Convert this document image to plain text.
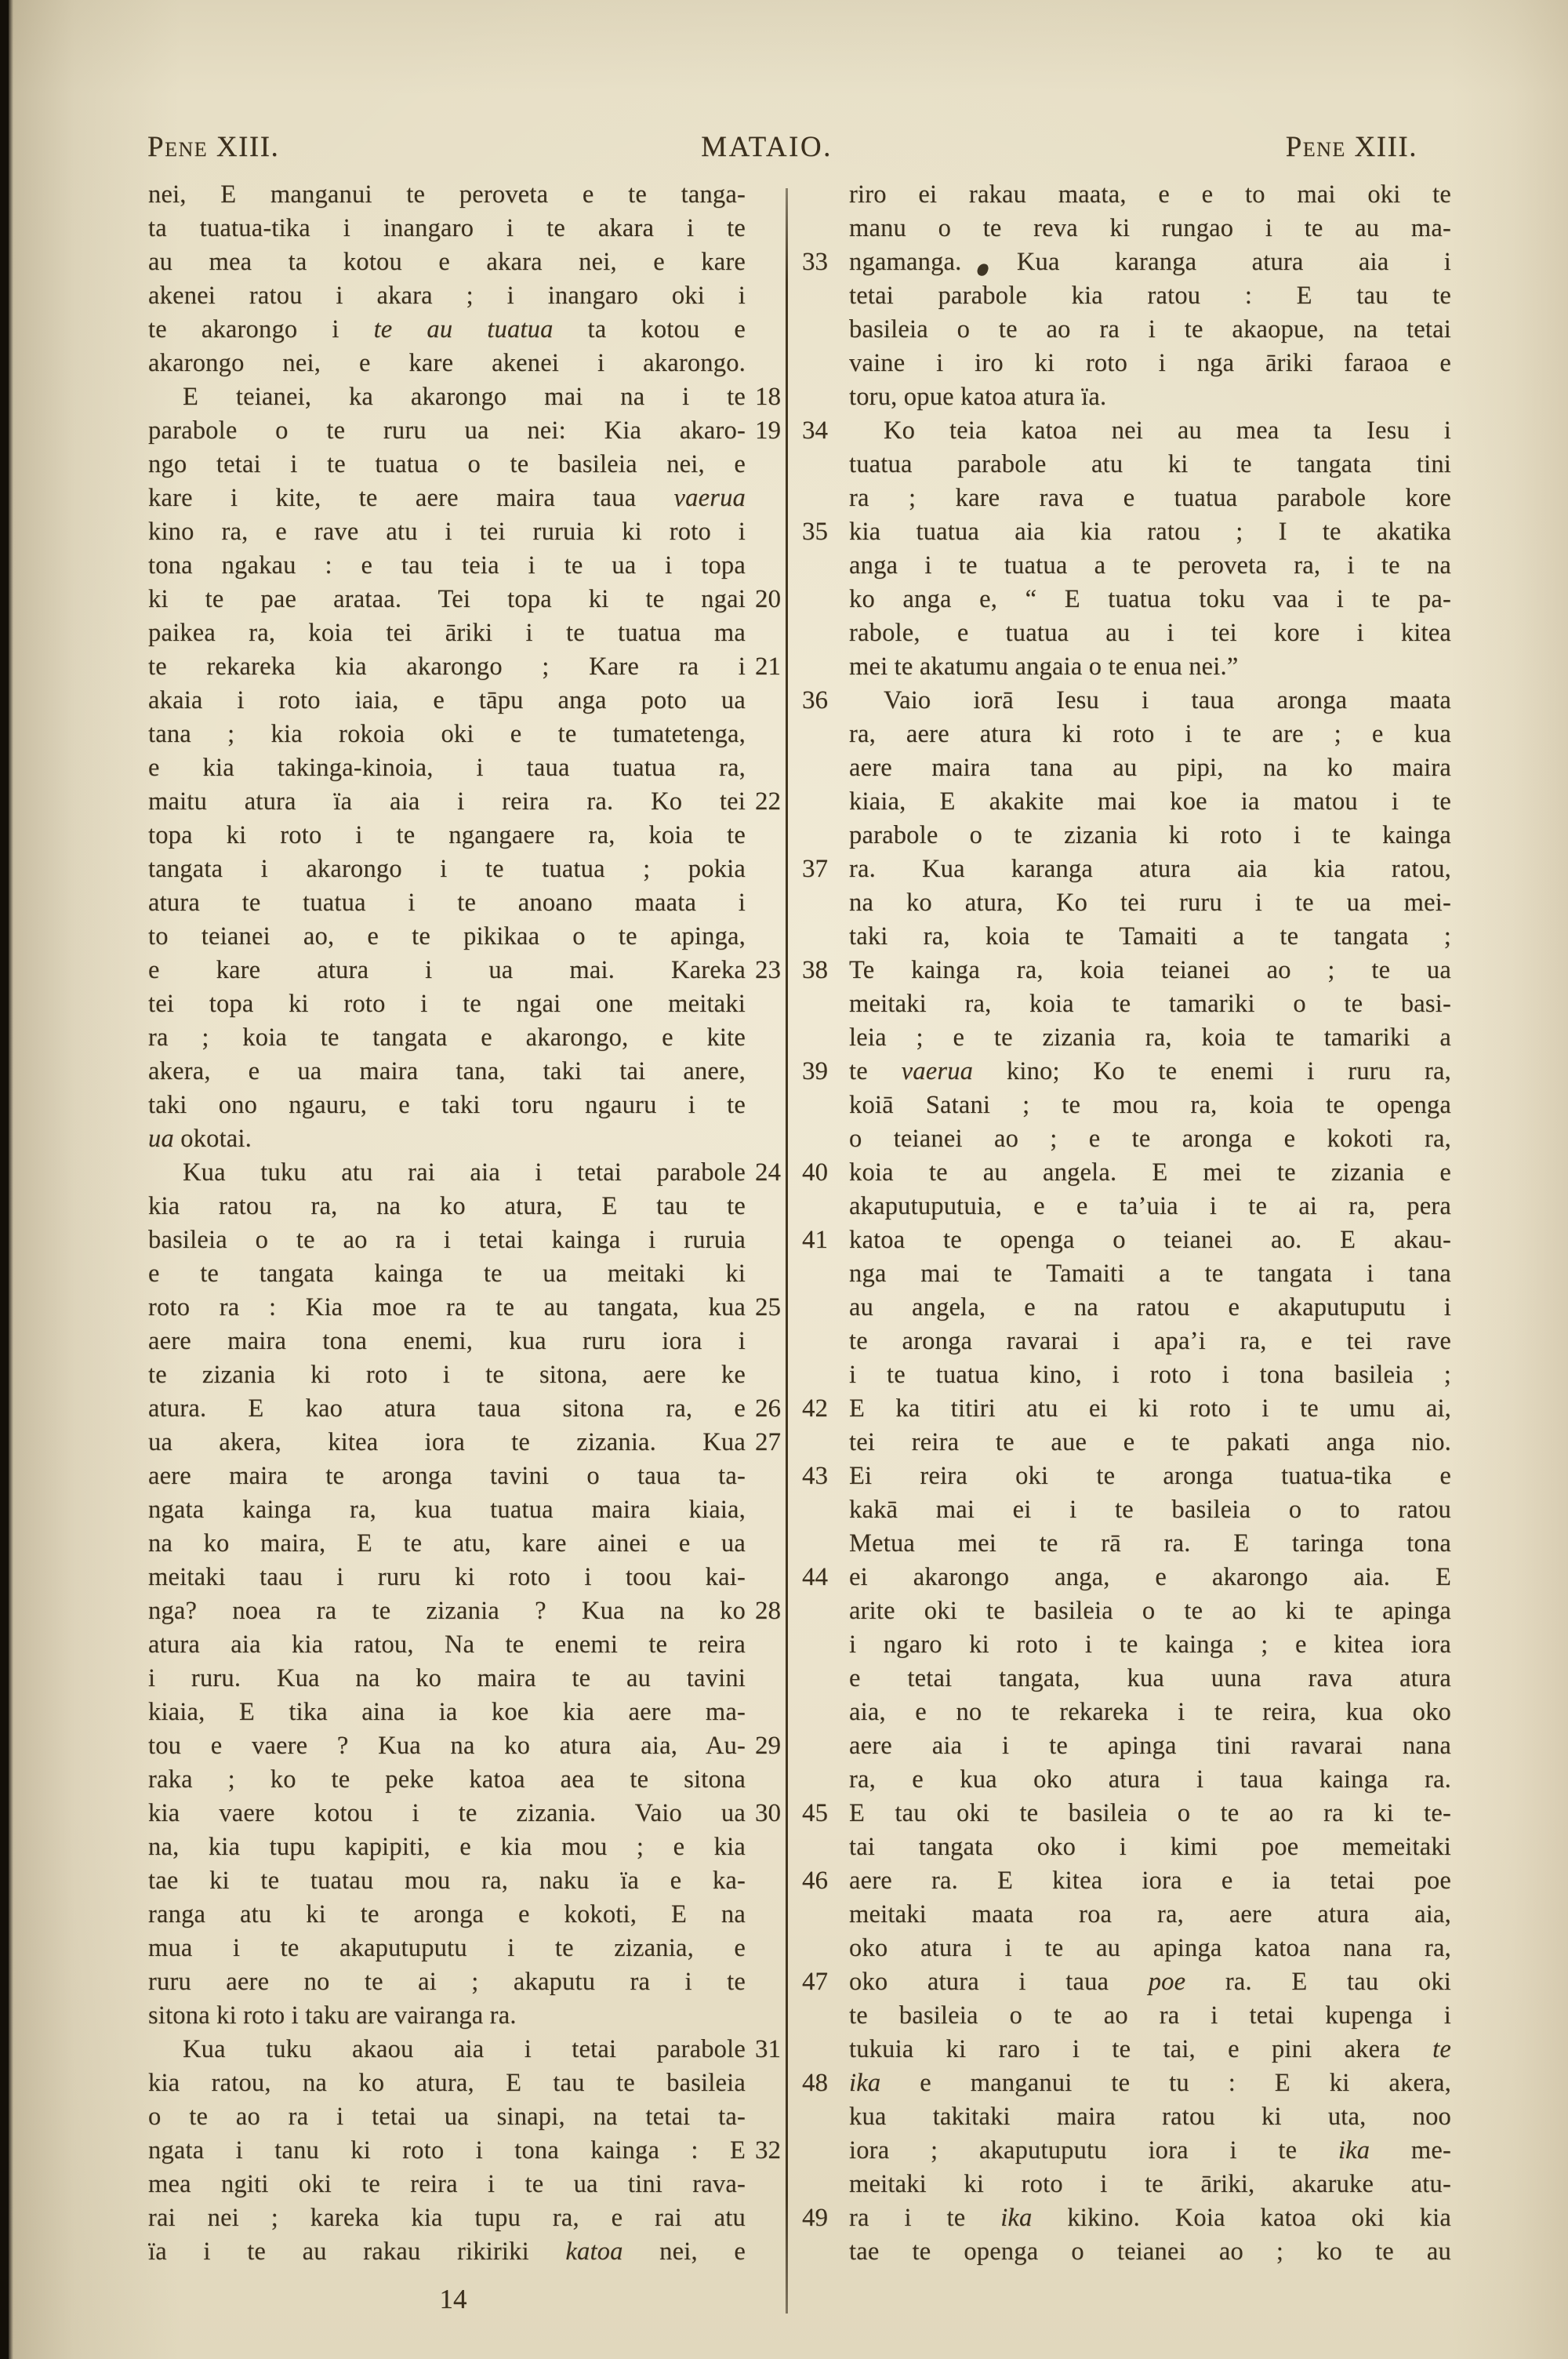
Pene XIII.	MATAIO.	Pene XIII.
nei, E manganui te peroveta e te tanga-
ta tuatua-tika i inangaro i te akara i te
au mea ta kotou e akara nei, e kare
akenei ratou i akara ; i inangaro oki i
te akarongo i te au tuatua ta kotou e
akarongo nei, e kare akenei i akarongo.
E teianei, ka akarongo mai na i te 18
parabole o te ruru ua nei: Kia akaro- 19
ngo tetai i te tuatua o te basileia nei, e
kare i kite, te aere maira taua vaerua
kino ra, e rave atu i tei ruruia ki roto i
tona ngakau : e tau teia i te ua i topa
ki te pae arataa. Tei topa ki te ngai 20
paikea ra, koia tei āriki i te tuatua ma
te rekareka kia akarongo ; Kare ra i 21
akaia i roto iaia, e tāpu anga poto ua
tana ; kia rokoia oki e te tumatetenga,
e kia takinga-kinoia, i taua tuatua ra,
maitu atura ïa aia i reira ra. Ko tei 22
topa ki roto i te ngangaere ra, koia te
tangata i akarongo i te tuatua ; pokia
atura te tuatua i te anoano maata i
to teianei ao, e te pikikaa o te apinga,
e kare atura i ua mai. Kareka 23
tei topa ki roto i te ngai one meitaki
ra ; koia te tangata e akarongo, e kite
akera, e ua maira tana, taki tai anere,
taki ono ngauru, e taki toru ngauru i te
ua okotai.
Kua tuku atu rai aia i tetai parabole 24
kia ratou ra, na ko atura, E tau te
basileia o te ao ra i tetai kainga i ruruia
e te tangata kainga te ua meitaki ki
roto ra : Kia moe ra te au tangata, kua 25
aere maira tona enemi, kua ruru iora i
te zizania ki roto i te sitona, aere ke
atura. E kao atura taua sitona ra, e 26
ua akera, kitea iora te zizania. Kua 27
aere maira te aronga tavini o taua ta-
ngata kainga ra, kua tuatua maira kiaia,
na ko maira, E te atu, kare ainei e ua
meitaki taau i ruru ki roto i toou kai-
nga? noea ra te zizania ? Kua na ko 28
atura aia kia ratou, Na te enemi te reira
i ruru. Kua na ko maira te au tavini
kiaia, E tika aina ia koe kia aere ma-
tou e vaere ? Kua na ko atura aia, Au- 29
raka ; ko te peke katoa aea te sitona
kia vaere kotou i te zizania. Vaio ua 30
na, kia tupu kapipiti, e kia mou ; e kia
tae ki te tuatau mou ra, naku ïa e ka-
ranga atu ki te aronga e kokoti, E na
mua i te akaputuputu i te zizania, e
ruru aere no te ai ; akaputu ra i te
sitona ki roto i taku are vairanga ra.
Kua tuku akaou aia i tetai parabole 31
kia ratou, na ko atura, E tau te basileia
o te ao ra i tetai ua sinapi, na tetai ta-
ngata i tanu ki roto i tona kainga : E 32
mea ngiti oki te reira i te ua tini rava-
rai nei ; kareka kia tupu ra, e rai atu
ïa i te au rakau rikiriki katoa nei, e
riro ei rakau maata, e e to mai oki te
manu o te reva ki rungao i te au ma-
33 ngamanga. Kua karanga atura aia i
tetai parabole kia ratou : E tau te
basileia o te ao ra i te akaopue, na tetai
vaine i iro ki roto i nga āriki faraoa e
toru, opue katoa atura ïa.
34	Ko teia katoa nei au mea ta Iesu i
tuatua parabole atu ki te tangata tini
ra ; kare rava e tuatua parabole kore
35 kia tuatua aia kia ratou ; I te akatika
anga i te tuatua a te peroveta ra, i te na
ko anga e, “ E tuatua toku vaa i te pa-
rabole, e tuatua au i tei kore i kitea
mei te akatumu angaia o te enua nei.”
36	Vaio iorā Iesu i taua aronga maata
ra, aere atura ki roto i te are ; e kua
aere maira tana au pipi, na ko maira
kiaia, E akakite mai koe ia matou i te
parabole o te zizania ki roto i te kainga
37 ra. Kua karanga atura aia kia ratou,
na ko atura, Ko tei ruru i te ua mei-
taki ra, koia te Tamaiti a te tangata ;
38 Te kainga ra, koia teianei ao ; te ua
meitaki ra, koia te tamariki o te basi-
leia ; e te zizania ra, koia te tamariki a
39 te vaerua kino; Ko te enemi i ruru ra,
koiā Satani ; te mou ra, koia te openga
o teianei ao ; e te aronga e kokoti ra,
40 koia te au angela. E mei te zizania e
akaputuputuia, e e ta’uia i te ai ra, pera
41 katoa te openga o teianei ao. E akau-
nga mai te Tamaiti a te tangata i tana
au angela, e na ratou e akaputuputu i
te aronga ravarai i apa’i ra, e tei rave
i te tuatua kino, i roto i tona basileia ;
42 E ka titiri atu ei ki roto i te umu ai,
tei reira te aue e te pakati anga nio.
43 Ei reira oki te aronga tuatua-tika e
kakā mai ei i te basileia o to ratou
Metua mei te rā ra. E taringa tona
44 ei akarongo anga, e akarongo aia. E
arite oki te basileia o te ao ki te apinga
i ngaro ki roto i te kainga ; e kitea iora
e tetai tangata, kua uuna rava atura
aia, e no te rekareka i te reira, kua oko
aere aia i te apinga tini ravarai nana
ra, e kua oko atura i taua kainga ra.
45 E tau oki te basileia o te ao ra ki te-
tai tangata oko i kimi poe memeitaki
46 aere ra. E kitea iora e ia tetai poe
meitaki maata roa ra, aere atura aia,
oko atura i te au apinga katoa nana ra,
47 oko atura i taua poe ra. E tau oki
te basileia o te ao ra i tetai kupenga i
tukuia ki raro i te tai, e pini akera te
48 ika e manganui te tu : E ki akera,
kua takitaki maira ratou ki uta, noo
iora ; akaputuputu iora i te ika me-
meitaki ki roto i te āriki, akaruke atu-
49 ra i te ika kikino. Koia katoa oki kia
tae te openga o teianei ao ; ko te au
14
